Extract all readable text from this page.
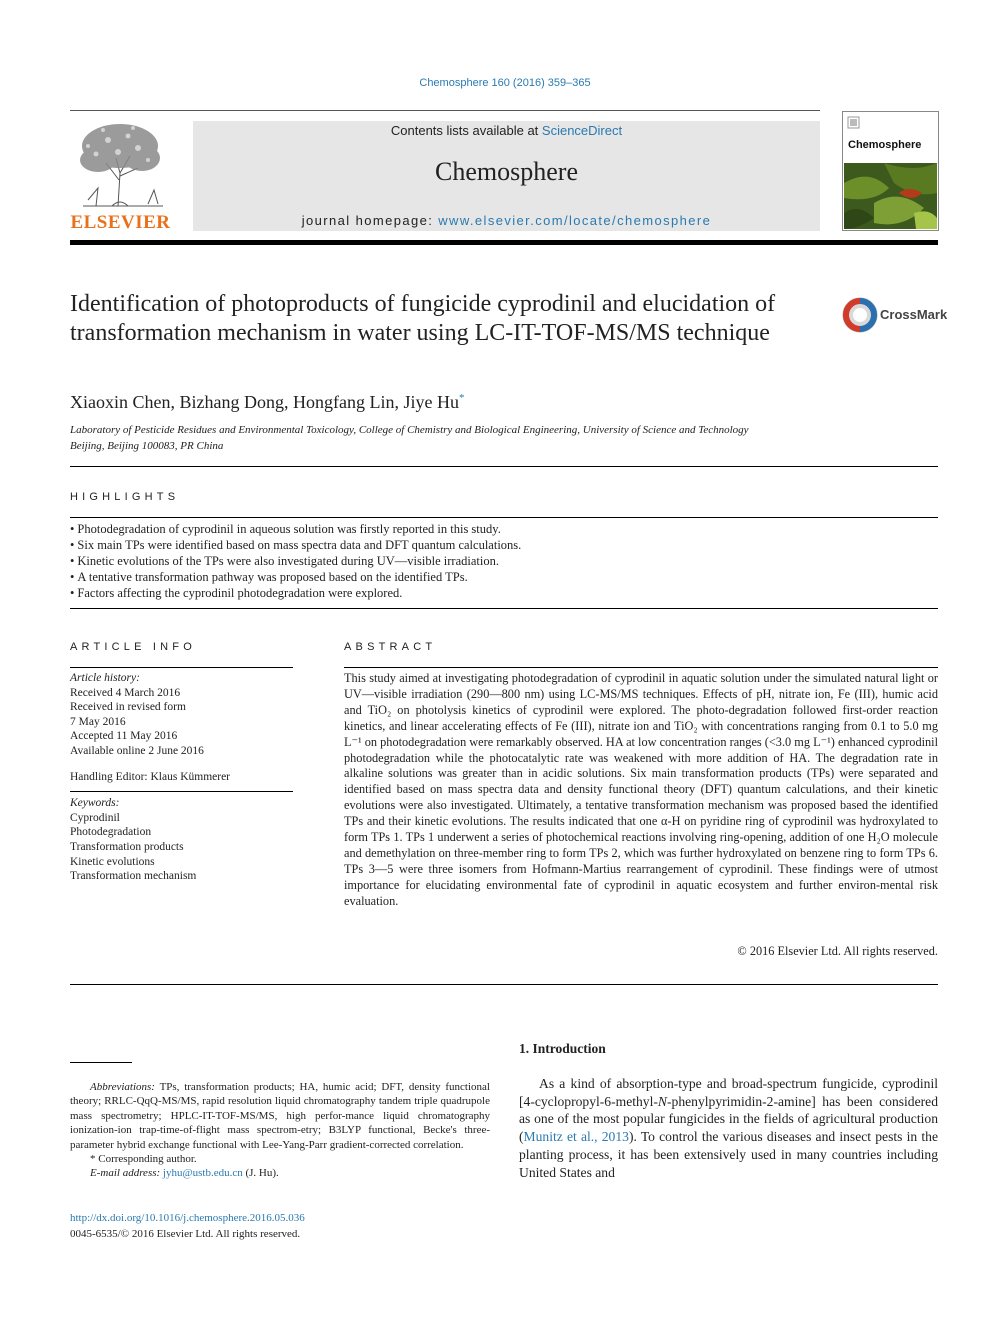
Chemosphere 160 (2016) 359–365
ELSEVIER
Contents lists available at ScienceDirect
Chemosphere
journal homepage: www.elsevier.com/locate/chemosphere
Chemosphere
Identification of photoproducts of fungicide cyprodinil and elucidation of transformation mechanism in water using LC-IT-TOF-MS/MS technique
CrossMark
Xiaoxin Chen, Bizhang Dong, Hongfang Lin, Jiye Hu*
Laboratory of Pesticide Residues and Environmental Toxicology, College of Chemistry and Biological Engineering, University of Science and Technology
Beijing, Beijing 100083, PR China
HIGHLIGHTS
• Photodegradation of cyprodinil in aqueous solution was firstly reported in this study.
• Six main TPs were identified based on mass spectra data and DFT quantum calculations.
• Kinetic evolutions of the TPs were also investigated during UV—visible irradiation.
• A tentative transformation pathway was proposed based on the identified TPs.
• Factors affecting the cyprodinil photodegradation were explored.
ARTICLE INFO	ABSTRACT
Article history:
Received 4 March 2016
Received in revised form
7 May 2016
Accepted 11 May 2016
Available online 2 June 2016
Handling Editor: Klaus Kümmerer
Keywords:
Cyprodinil
Photodegradation
Transformation products
Kinetic evolutions
Transformation mechanism
This study aimed at investigating photodegradation of cyprodinil in aquatic solution under the simulated natural light or UV—visible irradiation (290—800 nm) using LC-MS/MS techniques. Effects of pH, nitrate ion, Fe (III), humic acid and TiO₂ on photolysis kinetics of cyprodinil were explored. The photo-degradation followed first-order reaction kinetics, and linear accelerating effects of Fe (III), nitrate ion and TiO₂ with concentrations ranging from 0.1 to 5.0 mg L⁻¹ on photodegradation were remarkably observed. HA at low concentration ranges (<3.0 mg L⁻¹) enhanced cyprodinil photodegradation while the photocatalytic rate was weakened with more addition of HA. The degradation rate in alkaline solutions was greater than in acidic solutions. Six main transformation products (TPs) were separated and identified based on mass spectra data and density functional theory (DFT) quantum calculations, and their kinetic evolutions were also investigated. Ultimately, a tentative transformation mechanism was proposed based the identified TPs and their kinetic evolutions. The results indicated that one α-H on pyridine ring of cyprodinil was hydroxylated to form TPs 1. TPs 1 underwent a series of photochemical reactions involving ring-opening, addition of one H₂O molecule and demethylation on three-member ring to form TPs 2, which was further hydroxylated on benzene ring to form TPs 6. TPs 3—5 were three isomers from Hofmann-Martius rearrangement of cyprodinil. These findings were of utmost importance for elucidating environmental fate of cyprodinil in aquatic ecosystem and further environ-mental risk evaluation.
© 2016 Elsevier Ltd. All rights reserved.
1. Introduction
As a kind of absorption-type and broad-spectrum fungicide, cyprodinil [4-cyclopropyl-6-methyl-N-phenylpyrimidin-2-amine] has been considered as one of the most popular fungicides in the fields of agricultural production (Munitz et al., 2013). To control the various diseases and insect pests in the planting process, it has been extensively used in many countries including United States and
Abbreviations: TPs, transformation products; HA, humic acid; DFT, density functional theory; RRLC-QqQ-MS/MS, rapid resolution liquid chromatography tandem triple quadrupole mass spectrometry; HPLC-IT-TOF-MS/MS, high perfor-mance liquid chromatography ionization-ion trap-time-of-flight mass spectrom-etry; B3LYP functional, Becke's three-parameter hybrid exchange functional with Lee-Yang-Parr gradient-corrected correlation.
* Corresponding author.
E-mail address: jyhu@ustb.edu.cn (J. Hu).
http://dx.doi.org/10.1016/j.chemosphere.2016.05.036
0045-6535/© 2016 Elsevier Ltd. All rights reserved.
